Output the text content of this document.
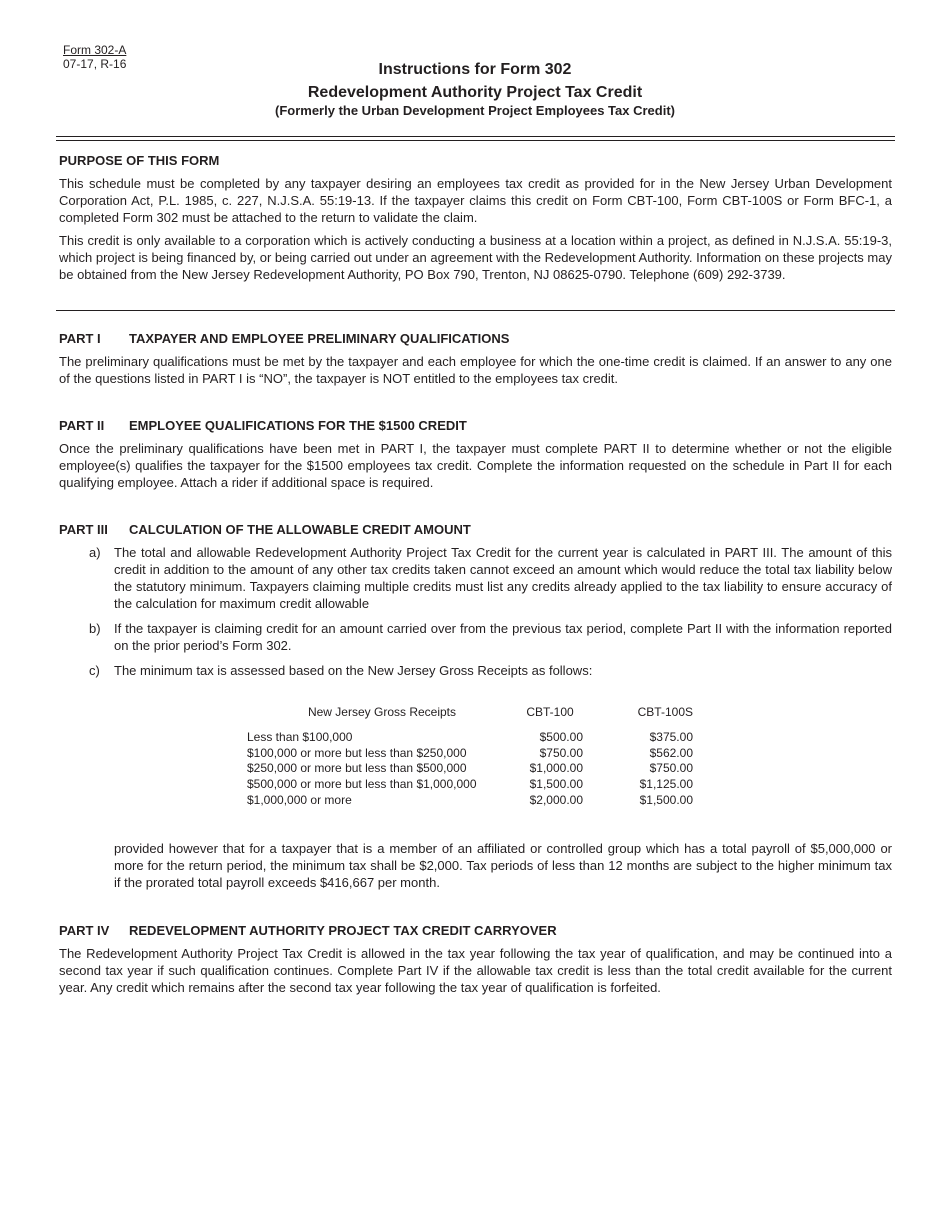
Form 302-A
07-17, R-16	Instructions for Form 302
Redevelopment Authority Project Tax Credit
(Formerly the Urban Development Project Employees Tax Credit)
PURPOSE OF THIS FORM

This schedule must be completed by any taxpayer desiring an employees tax credit as provided for in the New Jersey Urban Development Corporation Act, P.L. 1985, c. 227, N.J.S.A. 55:19-13. If the taxpayer claims this credit on Form CBT-100, Form CBT-100S or Form BFC-1, a completed Form 302 must be attached to the return to validate the claim.

This credit is only available to a corporation which is actively conducting a business at a location within a project, as defined in N.J.S.A. 55:19-3, which project is being financed by, or being carried out under an agreement with the Redevelopment Authority. Information on these projects may be obtained from the New Jersey Redevelopment Authority, PO Box 790, Trenton, NJ 08625-0790. Telephone (609) 292-3739.

PART I TAXPAYER AND EMPLOYEE PRELIMINARY QUALIFICATIONS

The preliminary qualifications must be met by the taxpayer and each employee for which the one-time credit is claimed. If an answer to any one of the questions listed in PART I is “NO”, the taxpayer is NOT entitled to the employees tax credit.

PART II EMPLOYEE QUALIFICATIONS FOR THE $1500 CREDIT

Once the preliminary qualifications have been met in PART I, the taxpayer must complete PART II to determine whether or not the eligible employee(s) qualifies the taxpayer for the $1500 employees tax credit. Complete the information requested on the schedule in Part II for each qualifying employee. Attach a rider if additional space is required.

PART III CALCULATION OF THE ALLOWABLE CREDIT AMOUNT
a)	The total and allowable Redevelopment Authority Project Tax Credit for the current year is calculated in PART III. The amount of this credit in addition to the amount of any other tax credits taken cannot exceed an amount which would reduce the total tax liability below the statutory minimum. Taxpayers claiming multiple credits must list any credits already applied to the tax liability to ensure accuracy of the calculation for maximum credit allowable
b)	If the taxpayer is claiming credit for an amount carried over from the previous tax period, complete Part II with the information reported on the prior period’s Form 302.
c)	The minimum tax is assessed based on the New Jersey Gross Receipts as follows:
New Jersey Gross Receipts	CBT-100	CBT-100S
Less than $100,000	$500.00	$375.00
$100,000 or more but less than $250,000	$750.00	$562.00
$250,000 or more but less than $500,000	$1,000.00	$750.00
$500,000 or more but less than $1,000,000	$1,500.00	$1,125.00
$1,000,000 or more	$2,000.00	$1,500.00

provided however that for a taxpayer that is a member of an affiliated or controlled group which has a total payroll of $5,000,000 or more for the return period, the minimum tax shall be $2,000. Tax periods of less than 12 months are subject to the higher minimum tax if the prorated total payroll exceeds $416,667 per month.

PART IV REDEVELOPMENT AUTHORITY PROJECT TAX CREDIT CARRYOVER

The Redevelopment Authority Project Tax Credit is allowed in the tax year following the tax year of qualification, and may be continued into a second tax year if such qualification continues. Complete Part IV if the allowable tax credit is less than the total credit available for the current year. Any credit which remains after the second tax year following the tax year of qualification is forfeited.
